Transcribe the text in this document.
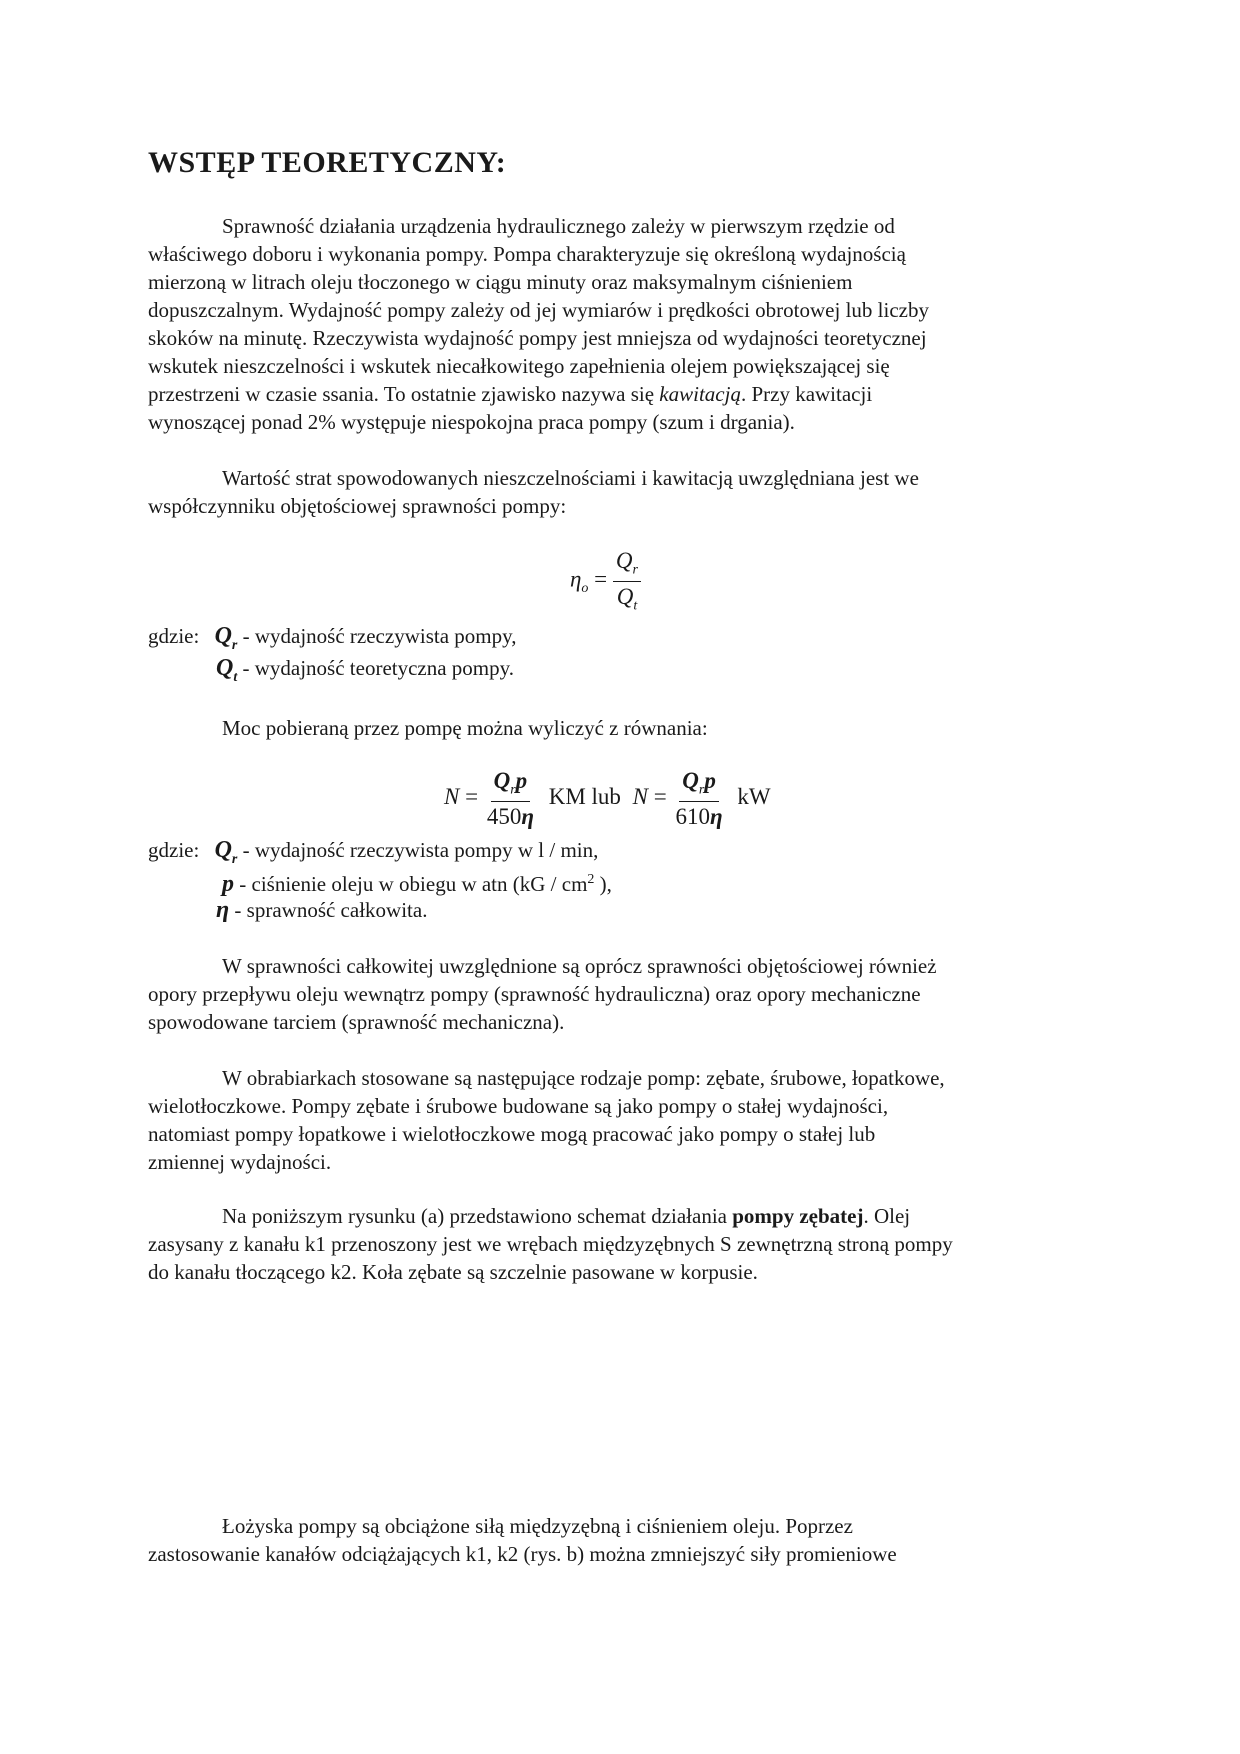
WSTĘP TEORETYCZNY:
Sprawność działania urządzenia hydraulicznego zależy w pierwszym rzędzie od
właściwego doboru i wykonania pompy. Pompa charakteryzuje się określoną wydajnością
mierzoną w litrach oleju tłoczonego w ciągu minuty oraz maksymalnym ciśnieniem
dopuszczalnym. Wydajność pompy zależy od jej wymiarów i prędkości obrotowej lub liczby
skoków na minutę. Rzeczywista wydajność pompy jest mniejsza od wydajności teoretycznej
wskutek nieszczelności i wskutek niecałkowitego zapełnienia olejem powiększającej się
przestrzeni w czasie ssania. To ostatnie zjawisko nazywa się kawitacją. Przy kawitacji
wynoszącej ponad 2% występuje niespokojna praca pompy (szum i drgania).
Wartość strat spowodowanych nieszczelnościami i kawitacją uwzględniana jest we
współczynniku objętościowej sprawności pompy:
$\eta_o = \frac{Q_r}{Q_t}$
gdzie: $Q_r$ - wydajność rzeczywista pompy,
$Q_t$ - wydajność teoretyczna pompy.
Moc pobieraną przez pompę można wyliczyć z równania:
$N = \frac{Q_rp}{450\eta}$ KM lub $N = \frac{Q_rp}{610\eta}$ kW
gdzie: $Q_r$ - wydajność rzeczywista pompy w l / min,
p - ciśnienie oleju w obiegu w atn ($kG / cm^2$ ),
η - sprawność całkowita.
W sprawności całkowitej uwzględnione są oprócz sprawności objętościowej również
opory przepływu oleju wewnątrz pompy (sprawność hydrauliczna) oraz opory mechaniczne
spowodowane tarciem (sprawność mechaniczna).
W obrabiarkach stosowane są następujące rodzaje pomp: zębate, śrubowe, łopatkowe,
wielotłoczkowe. Pompy zębate i śrubowe budowane są jako pompy o stałej wydajności,
natomiast pompy łopatkowe i wielotłoczkowe mogą pracować jako pompy o stałej lub
zmiennej wydajności.
Na poniższym rysunku (a) przedstawiono schemat działania pompy zębatej. Olej
zasysany z kanału k1 przenoszony jest we wrębach międzyzębnych S zewnętrzną stroną pompy
do kanału tłoczącego k2. Koła zębate są szczelnie pasowane w korpusie.
Łożyska pompy są obciążone siłą międzyzębną i ciśnieniem oleju. Poprzez
zastosowanie kanałów odciążających k1, k2 (rys. b) można zmniejszyć siły promieniowe
